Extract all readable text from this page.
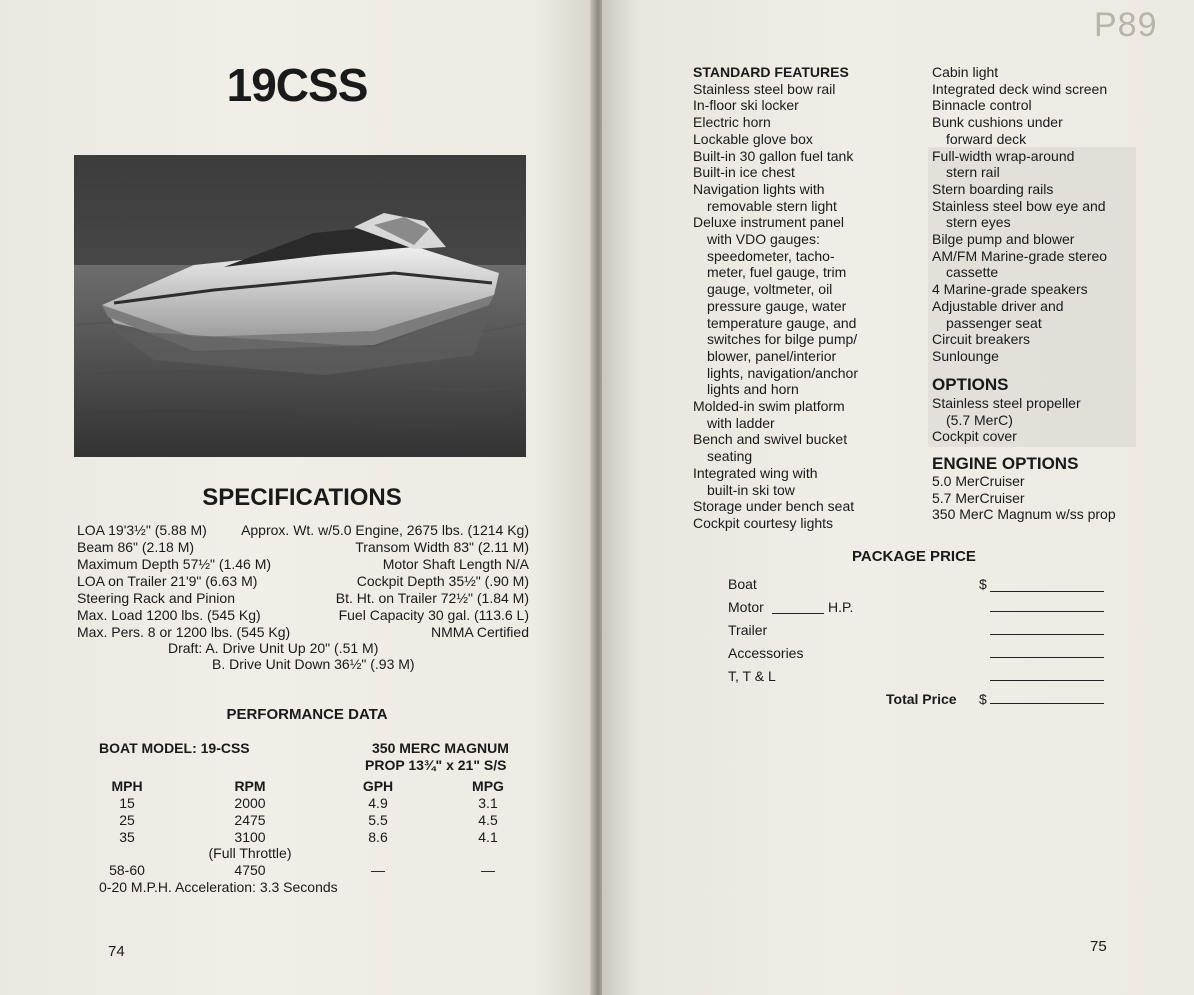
19CSS
SPECIFICATIONS
LOA 19'3½" (5.88 M) Approx. Wt. w/5.0 Engine, 2675 lbs. (1214 Kg)
Beam 86" (2.18 M)	Transom Width 83" (2.11 M)
Maximum Depth 57½" (1.46 M)	Motor Shaft Length N/A
LOA on Trailer 21'9" (6.63 M)	Cockpit Depth 35½" (.90 M)
Steering Rack and Pinion	Bt. Ht. on Trailer 72½" (1.84 M)
Max. Load 1200 lbs. (545 Kg)	Fuel Capacity 30 gal. (113.6 L)
Max. Pers. 8 or 1200 lbs. (545 Kg)	NMMA Certified
Draft: A. Drive Unit Up 20" (.51 M)
B. Drive Unit Down 36½" (.93 M)
PERFORMANCE DATA
BOAT MODEL: 19-CSS	350 MERC MAGNUM
PROP 13¾" x 21" S/S
MPH	RPM	GPH	MPG
15	2000	4.9	3.1
25	2475	5.5	4.5
35	3100	8.6	4.1
(Full Throttle)
58-60	4750	—	—
0-20 M.P.H. Acceleration: 3.3 Seconds
74
P89
STANDARD FEATURES
Stainless steel bow rail
In-floor ski locker
Electric horn
Lockable glove box
Built-in 30 gallon fuel tank
Built-in ice chest
Navigation lights with
removable stern light
Deluxe instrument panel
with VDO gauges:
speedometer, tacho-
meter, fuel gauge, trim
gauge, voltmeter, oil
pressure gauge, water
temperature gauge, and
switches for bilge pump/
blower, panel/interior
lights, navigation/anchor
lights and horn
Molded-in swim platform
with ladder
Bench and swivel bucket
seating
Integrated wing with
built-in ski tow
Storage under bench seat
Cockpit courtesy lights
Cabin light
Integrated deck wind screen
Binnacle control
Bunk cushions under
forward deck
Full-width wrap-around
stern rail
Stern boarding rails
Stainless steel bow eye and
stern eyes
Bilge pump and blower
AM/FM Marine-grade stereo
cassette
4 Marine-grade speakers
Adjustable driver and
passenger seat
Circuit breakers
Sunlounge
OPTIONS
Stainless steel propeller
(5.7 MerC)
Cockpit cover
ENGINE OPTIONS
5.0 MerCruiser
5.7 MerCruiser
350 MerC Magnum w/ss prop
PACKAGE PRICE
Boat	$
Motor	H.P.
Trailer
Accessories
T, T & L
Total Price $
75
